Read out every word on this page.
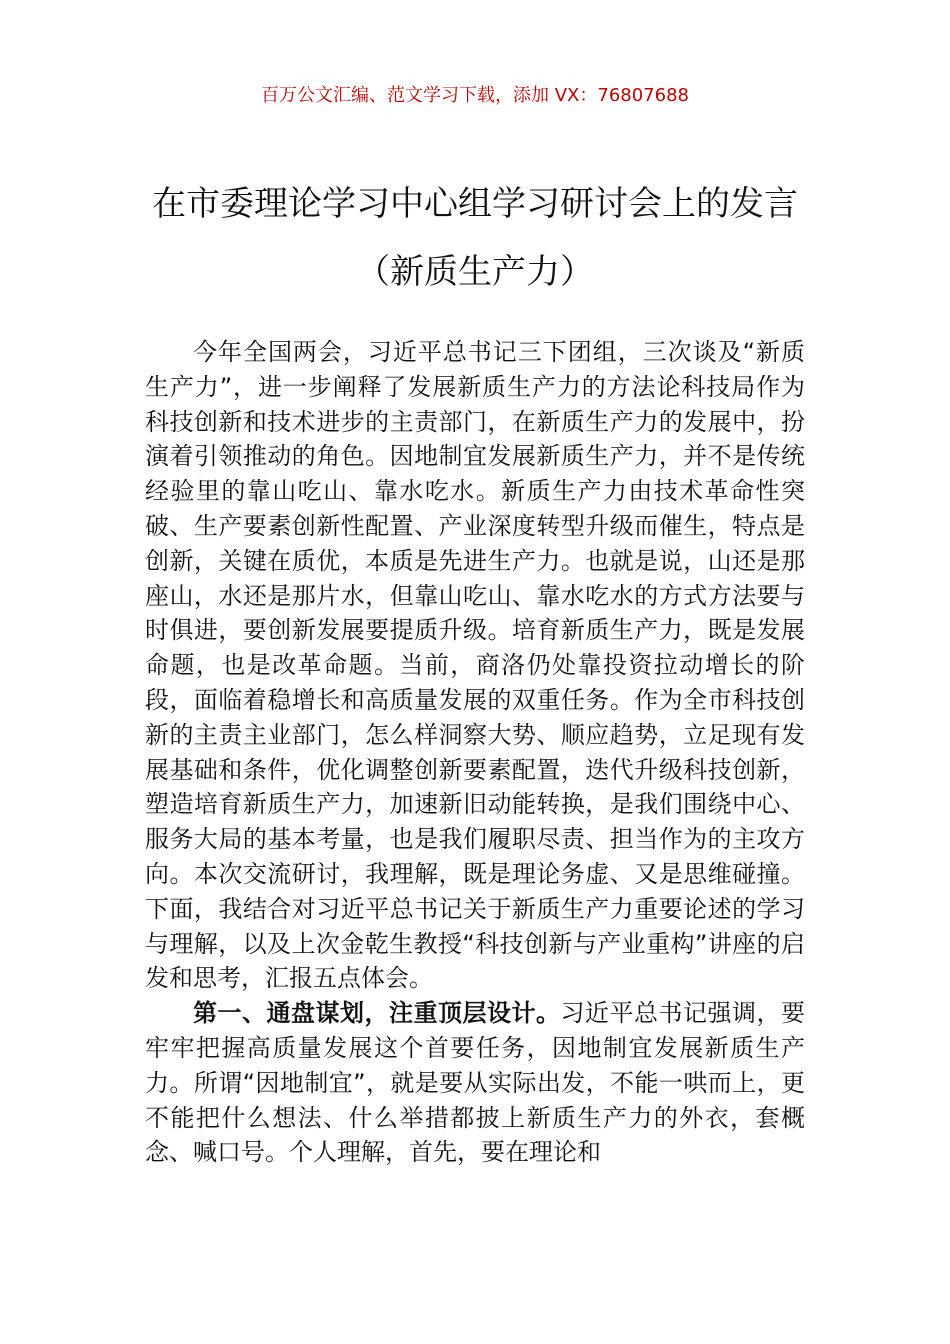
百万公文汇编、范文学习下载，添加 VX：76807688
在市委理论学习中心组学习研讨会上的发言（新质生产力）

今年全国两会，习近平总书记三下团组，三次谈及“新质生产力”，进一步阐释了发展新质生产力的方法论科技局作为科技创新和技术进步的主责部门，在新质生产力的发展中，扮演着引领推动的角色。因地制宜发展新质生产力，并不是传统经验里的靠山吃山、靠水吃水。新质生产力由技术革命性突破、生产要素创新性配置、产业深度转型升级而催生，特点是创新，关键在质优，本质是先进生产力。也就是说，山还是那座山，水还是那片水，但靠山吃山、靠水吃水的方式方法要与时俱进，要创新发展要提质升级。培育新质生产力，既是发展命题，也是改革命题。当前，商洛仍处靠投资拉动增长的阶段，面临着稳增长和高质量发展的双重任务。作为全市科技创新的主责主业部门，怎么样洞察大势、顺应趋势，立足现有发展基础和条件，优化调整创新要素配置，迭代升级科技创新，塑造培育新质生产力，加速新旧动能转换，是我们围绕中心、服务大局的基本考量，也是我们履职尽责、担当作为的主攻方向。本次交流研讨，我理解，既是理论务虚、又是思维碰撞。下面，我结合对习近平总书记关于新质生产力重要论述的学习与理解，以及上次金乾生教授“科技创新与产业重构”讲座的启发和思考，汇报五点体会。

第一、通盘谋划，注重顶层设计。习近平总书记强调，要牢牢把握高质量发展这个首要任务，因地制宜发展新质生产力。所谓“因地制宜”，就是要从实际出发，不能一哄而上，更不能把什么想法、什么举措都披上新质生产力的外衣，套概念、喊口号。个人理解，首先，要在理论和
